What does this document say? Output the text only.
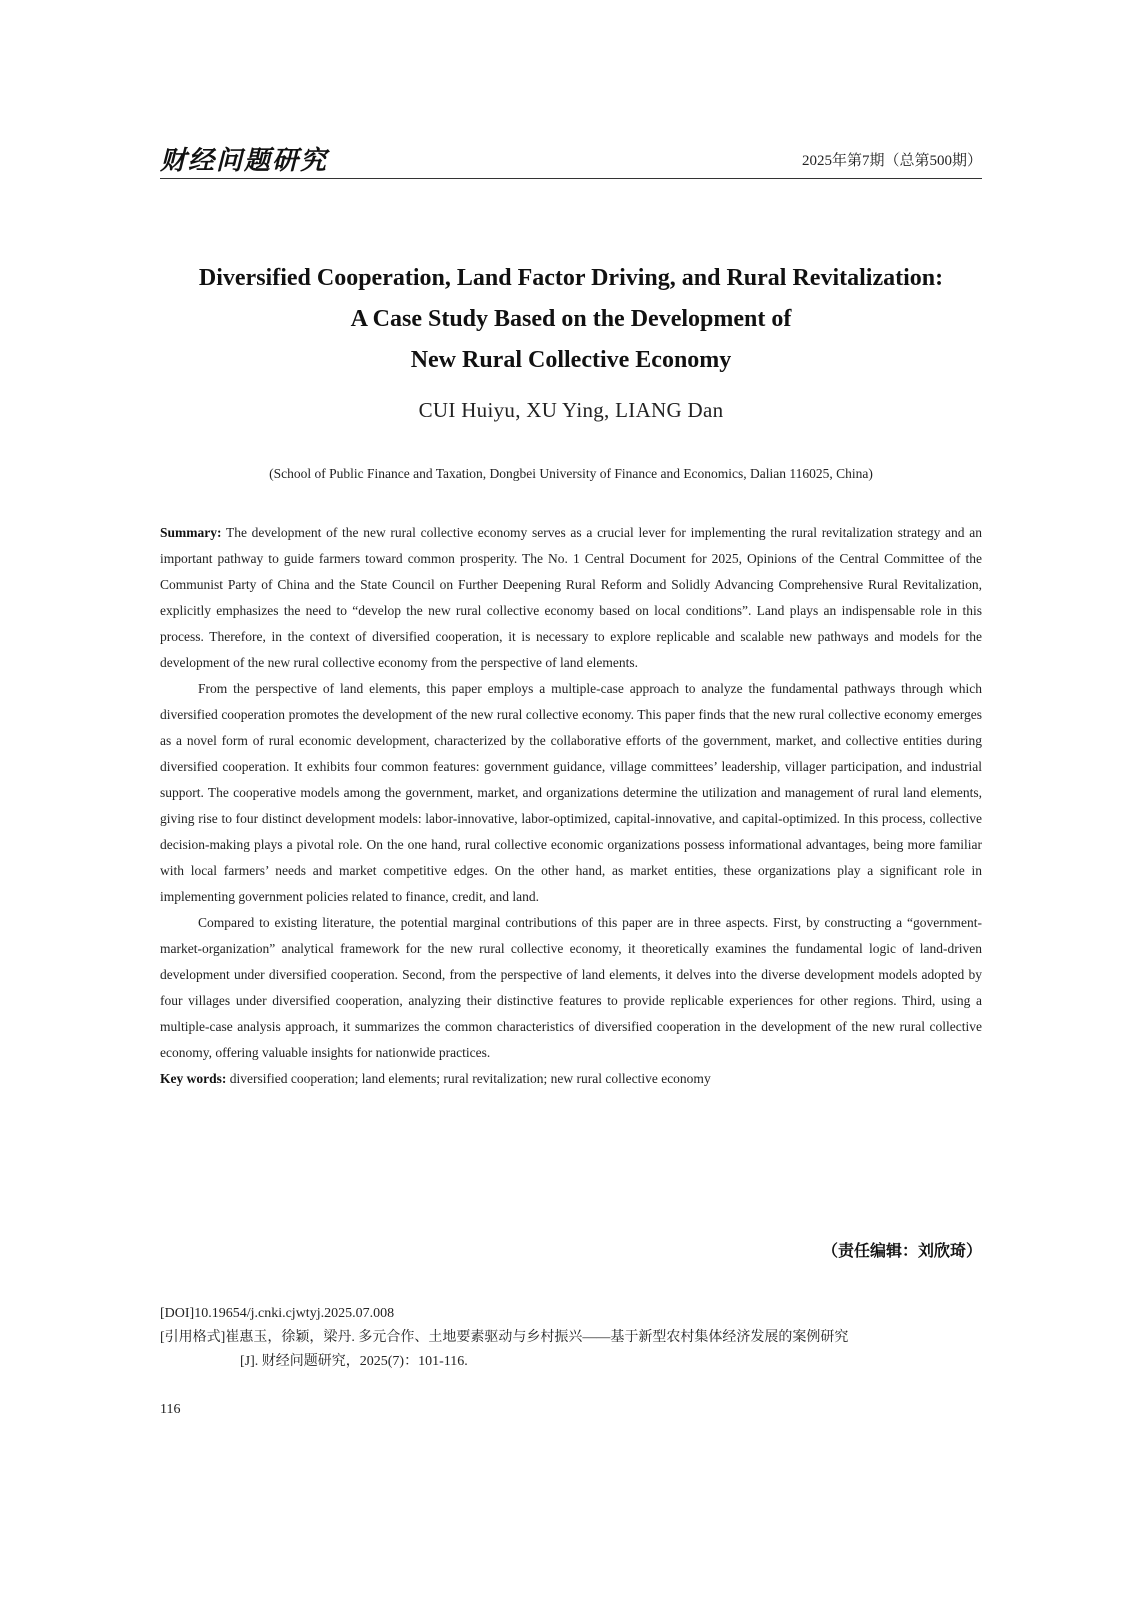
财经问题研究	2025年第7期（总第500期）
Diversified Cooperation, Land Factor Driving, and Rural Revitalization:
A Case Study Based on the Development of
New Rural Collective Economy
CUI Huiyu, XU Ying, LIANG Dan
(School of Public Finance and Taxation, Dongbei University of Finance and Economics, Dalian 116025, China)

Summary: The development of the new rural collective economy serves as a crucial lever for implementing the rural revitalization strategy and an important pathway to guide farmers toward common prosperity. The No. 1 Central Document for 2025, Opinions of the Central Committee of the Communist Party of China and the State Council on Further Deepening Rural Reform and Solidly Advancing Comprehensive Rural Revitalization, explicitly emphasizes the need to “develop the new rural collective economy based on local conditions”. Land plays an indispensable role in this process. Therefore, in the context of diversified cooperation, it is necessary to explore replicable and scalable new pathways and models for the development of the new rural collective economy from the perspective of land elements.

From the perspective of land elements, this paper employs a multiple-case approach to analyze the fundamental pathways through which diversified cooperation promotes the development of the new rural collective economy. This paper finds that the new rural collective economy emerges as a novel form of rural economic development, characterized by the collaborative efforts of the government, market, and collective entities during diversified cooperation. It exhibits four common features: government guidance, village committees’ leadership, villager participation, and industrial support. The cooperative models among the government, market, and organizations determine the utilization and management of rural land elements, giving rise to four distinct development models: labor-innovative, labor-optimized, capital-innovative, and capital-optimized. In this process, collective decision-making plays a pivotal role. On the one hand, rural collective economic organizations possess informational advantages, being more familiar with local farmers’ needs and market competitive edges. On the other hand, as market entities, these organizations play a significant role in implementing government policies related to finance, credit, and land.

Compared to existing literature, the potential marginal contributions of this paper are in three aspects. First, by constructing a “government-market-organization” analytical framework for the new rural collective economy, it theoretically examines the fundamental logic of land-driven development under diversified cooperation. Second, from the perspective of land elements, it delves into the diverse development models adopted by four villages under diversified cooperation, analyzing their distinctive features to provide replicable experiences for other regions. Third, using a multiple-case analysis approach, it summarizes the common characteristics of diversified cooperation in the development of the new rural collective economy, offering valuable insights for nationwide practices.

Key words: diversified cooperation; land elements; rural revitalization; new rural collective economy

（责任编辑：刘欣琦）
[DOI]10.19654/j.cnki.cjwtyj.2025.07.008
[引用格式]崔惠玉，徐颖，梁丹. 多元合作、土地要素驱动与乡村振兴——基于新型农村集体经济发展的案例研究
[J]. 财经问题研究，2025(7)：101-116.
116
